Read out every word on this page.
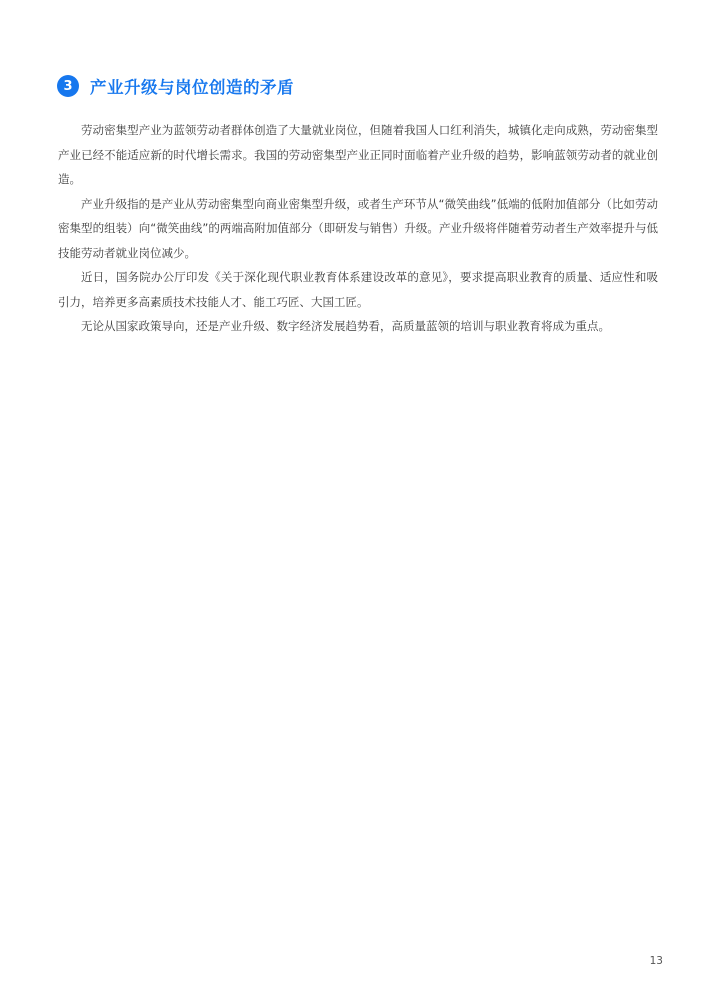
3	产业升级与岗位创造的矛盾

劳动密集型产业为蓝领劳动者群体创造了大量就业岗位，但随着我国人口红利消失，城镇化走向成熟，劳动密集型产业已经不能适应新的时代增长需求。我国的劳动密集型产业正同时面临着产业升级的趋势，影响蓝领劳动者的就业创造。

产业升级指的是产业从劳动密集型向商业密集型升级，或者生产环节从“微笑曲线”低端的低附加值部分（比如劳动密集型的组装）向“微笑曲线”的两端高附加值部分（即研发与销售）升级。产业升级将伴随着劳动者生产效率提升与低技能劳动者就业岗位减少。

近日，国务院办公厅印发《关于深化现代职业教育体系建设改革的意见》，要求提高职业教育的质量、适应性和吸引力，培养更多高素质技术技能人才、能工巧匠、大国工匠。

无论从国家政策导向，还是产业升级、数字经济发展趋势看，高质量蓝领的培训与职业教育将成为重点。

13
